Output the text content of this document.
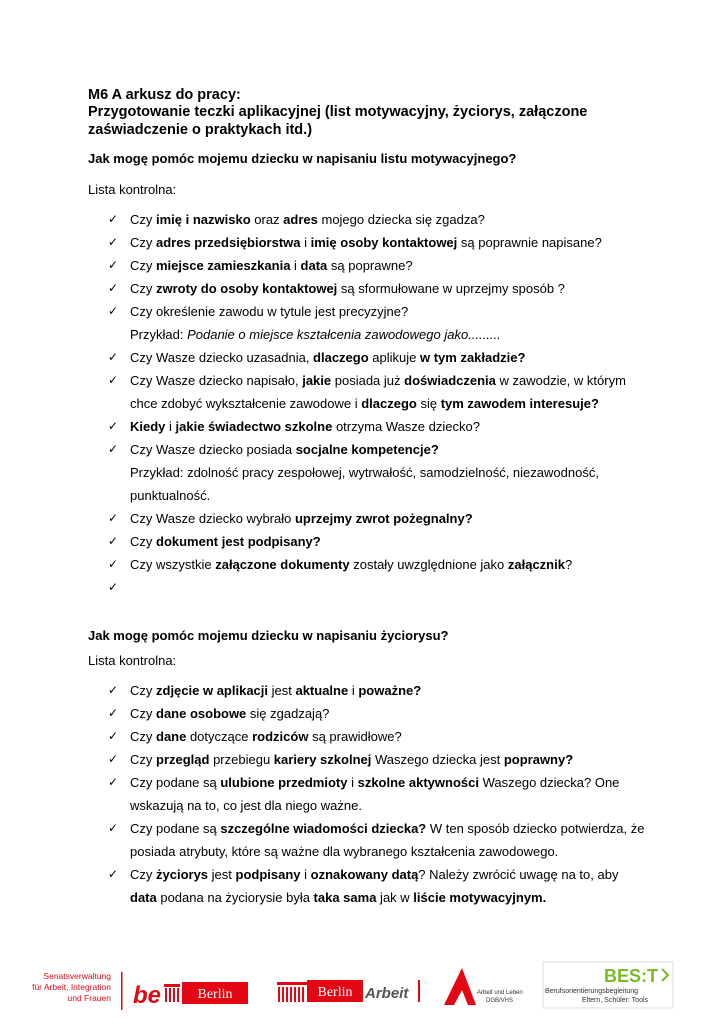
M6 A arkusz do pracy:

Przygotowanie teczki aplikacyjnej (list motywacyjny, życiorys, załączone zaświadczenie o praktykach itd.)

Jak mogę pomóc mojemu dziecku w napisaniu listu motywacyjnego?

Lista kontrolna:

✓ Czy imię i nazwisko oraz adres mojego dziecka się zgadza?
✓ Czy adres przedsiębiorstwa i imię osoby kontaktowej są poprawnie napisane?
✓ Czy miejsce zamieszkania i data są poprawne?
✓ Czy zwroty do osoby kontaktowej są sformułowane w uprzejmy sposób ?
✓ Czy określenie zawodu w tytule jest precyzyjne?
Przykład: Podanie o miejsce kształcenia zawodowego jako.........
✓ Czy Wasze dziecko uzasadnia, dlaczego aplikuje w tym zakładzie?
✓ Czy Wasze dziecko napisało, jakie posiada już doświadczenia w zawodzie, w którym chce zdobyć wykształcenie zawodowe i dlaczego się tym zawodem interesuje?
✓ Kiedy i jakie świadectwo szkolne otrzyma Wasze dziecko?
✓ Czy Wasze dziecko posiada socjalne kompetencje?
Przykład: zdolność pracy zespołowej, wytrwałość, samodzielność, niezawodność, punktualność.
✓ Czy Wasze dziecko wybrało uprzejmy zwrot pożegnalny?
✓ Czy dokument jest podpisany?
✓ Czy wszystkie załączone dokumenty zostały uwzględnione jako załącznik?
✓

Jak mogę pomóc mojemu dziecku w napisaniu życiorysu?

Lista kontrolna:

✓ Czy zdjęcie w aplikacji jest aktualne i poważne?
✓ Czy dane osobowe się zgadzają?
✓ Czy dane dotyczące rodziców są prawidłowe?
✓ Czy przegląd przebiegu kariery szkolnej Waszego dziecka jest poprawny?
✓ Czy podane są ulubione przedmioty i szkolne aktywności Waszego dziecka? One wskazują na to, co jest dla niego ważne.
✓ Czy podane są szczególne wiadomości dziecka? W ten sposób dziecko potwierdza, że posiada atrybuty, które są ważne dla wybranego kształcenia zawodowego.
✓ Czy życiorys jest podpisany i oznakowany datą? Należy zwrócić uwagę na to, aby data podana na życiorysie była taka sama jak w liście motywacyjnym.
Senatsverwaltung
für Arbeit, Integration
und Frauen be	Berlin	Berlin Arbeit	Arbeit und Leben
DGB/VHS
BES:T
Berufsorientierungsbegleitung
Eltern, Schüler: Tools
